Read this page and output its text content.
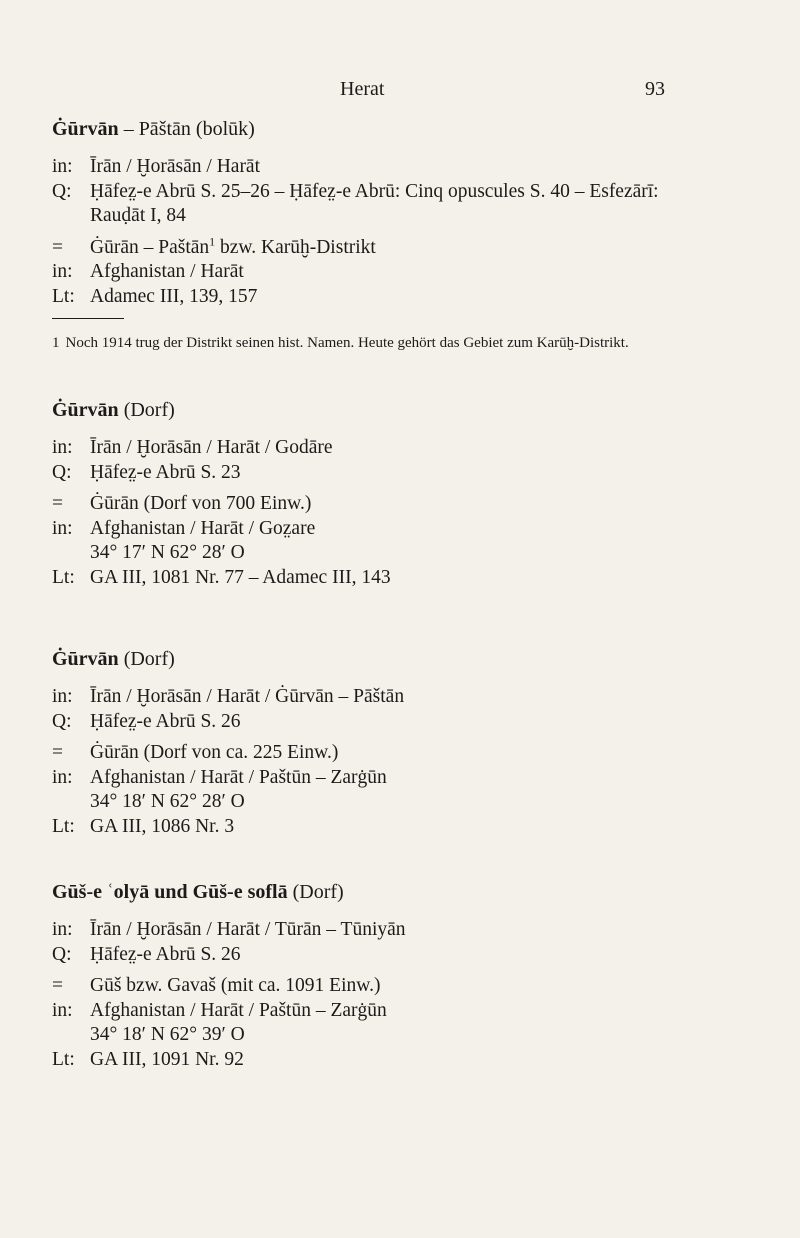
Herat	93
Ġūrvān – Pāštān (bolūk)
in: Īrān / Ḫorāsān / Harāt
Q: Ḥāfez̤-e Abrū S. 25–26 – Ḥāfez̤-e Abrū: Cinq opuscules S. 40 – Esfezārī:
Rauḍāt I, 84
=	Ġūrān – Paštān$^1$ bzw. Karūḫ-Distrikt
in: Afghanistan / Harāt
Lt: Adamec III, 139, 157
1 Noch 1914 trug der Distrikt seinen hist. Namen. Heute gehört das Gebiet zum Karūḫ-Distrikt.
Ġūrvān (Dorf)
in: Īrān / Ḫorāsān / Harāt / Godāre
Q: Ḥāfez̤-e Abrū S. 23
=	Ġūrān (Dorf von 700 Einw.)
in: Afghanistan / Harāt / Goz̤are
34° 17′ N 62° 28′ O
Lt: GA III, 1081 Nr. 77 – Adamec III, 143
Ġūrvān (Dorf)
in: Īrān / Ḫorāsān / Harāt / Ġūrvān – Pāštān
Q: Ḥāfez̤-e Abrū S. 26
=	Ġūrān (Dorf von ca. 225 Einw.)
in: Afghanistan / Harāt / Paštūn – Zarġūn
34° 18′ N 62° 28′ O
Lt: GA III, 1086 Nr. 3
Gūš-e ʿolyā und Gūš-e soflā (Dorf)
in: Īrān / Ḫorāsān / Harāt / Tūrān – Tūniyān
Q: Ḥāfez̤-e Abrū S. 26
=	Gūš bzw. Gavaš (mit ca. 1091 Einw.)
in: Afghanistan / Harāt / Paštūn – Zarġūn
34° 18′ N 62° 39′ O
Lt: GA III, 1091 Nr. 92
